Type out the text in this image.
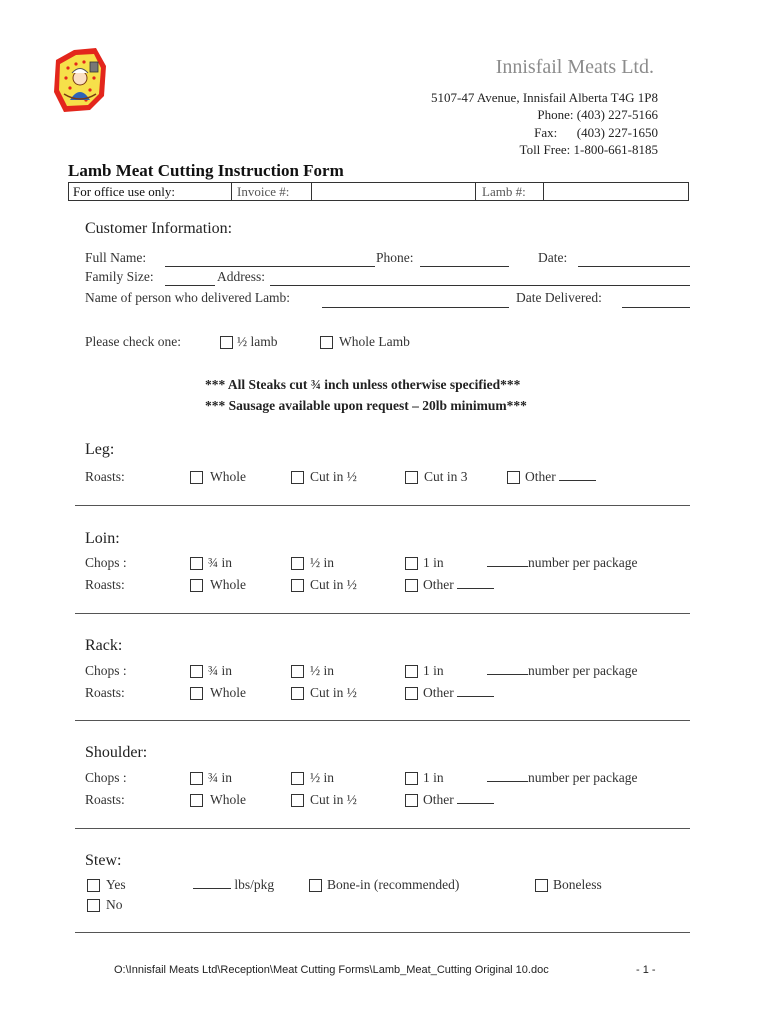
Innisfail Meats Ltd.
5107-47 Avenue, Innisfail Alberta T4G 1P8
Phone: (403) 227-5166
Fax: (403) 227-1650
Toll Free: 1-800-661-8185
Lamb Meat Cutting Instruction Form
For office use only:	Invoice #:	Lamb #:
Customer Information:
Full Name:	Phone:	Date:
Family Size:	Address:
Name of person who delivered Lamb:	Date Delivered:
Please check one:	½ lamb	Whole Lamb
*** All Steaks cut ¾ inch unless otherwise specified***
*** Sausage available upon request – 20lb minimum***
Leg:
Roasts:	Whole	Cut in ½	Cut in 3	Other
Loin:
Chops :	¾ in	½ in	1 in	number per package
Roasts:	Whole	Cut in ½	Other
Rack:
Chops :	¾ in	½ in	1 in	number per package
Roasts:	Whole	Cut in ½	Other
Shoulder:
Chops :	¾ in	½ in	1 in	number per package
Roasts:	Whole	Cut in ½	Other
Stew:
Yes	lbs/pkg	Bone-in (recommended)	Boneless
No
O:\Innisfail Meats Ltd\Reception\Meat Cutting Forms\Lamb_Meat_Cutting Original 10.doc	- 1 -
